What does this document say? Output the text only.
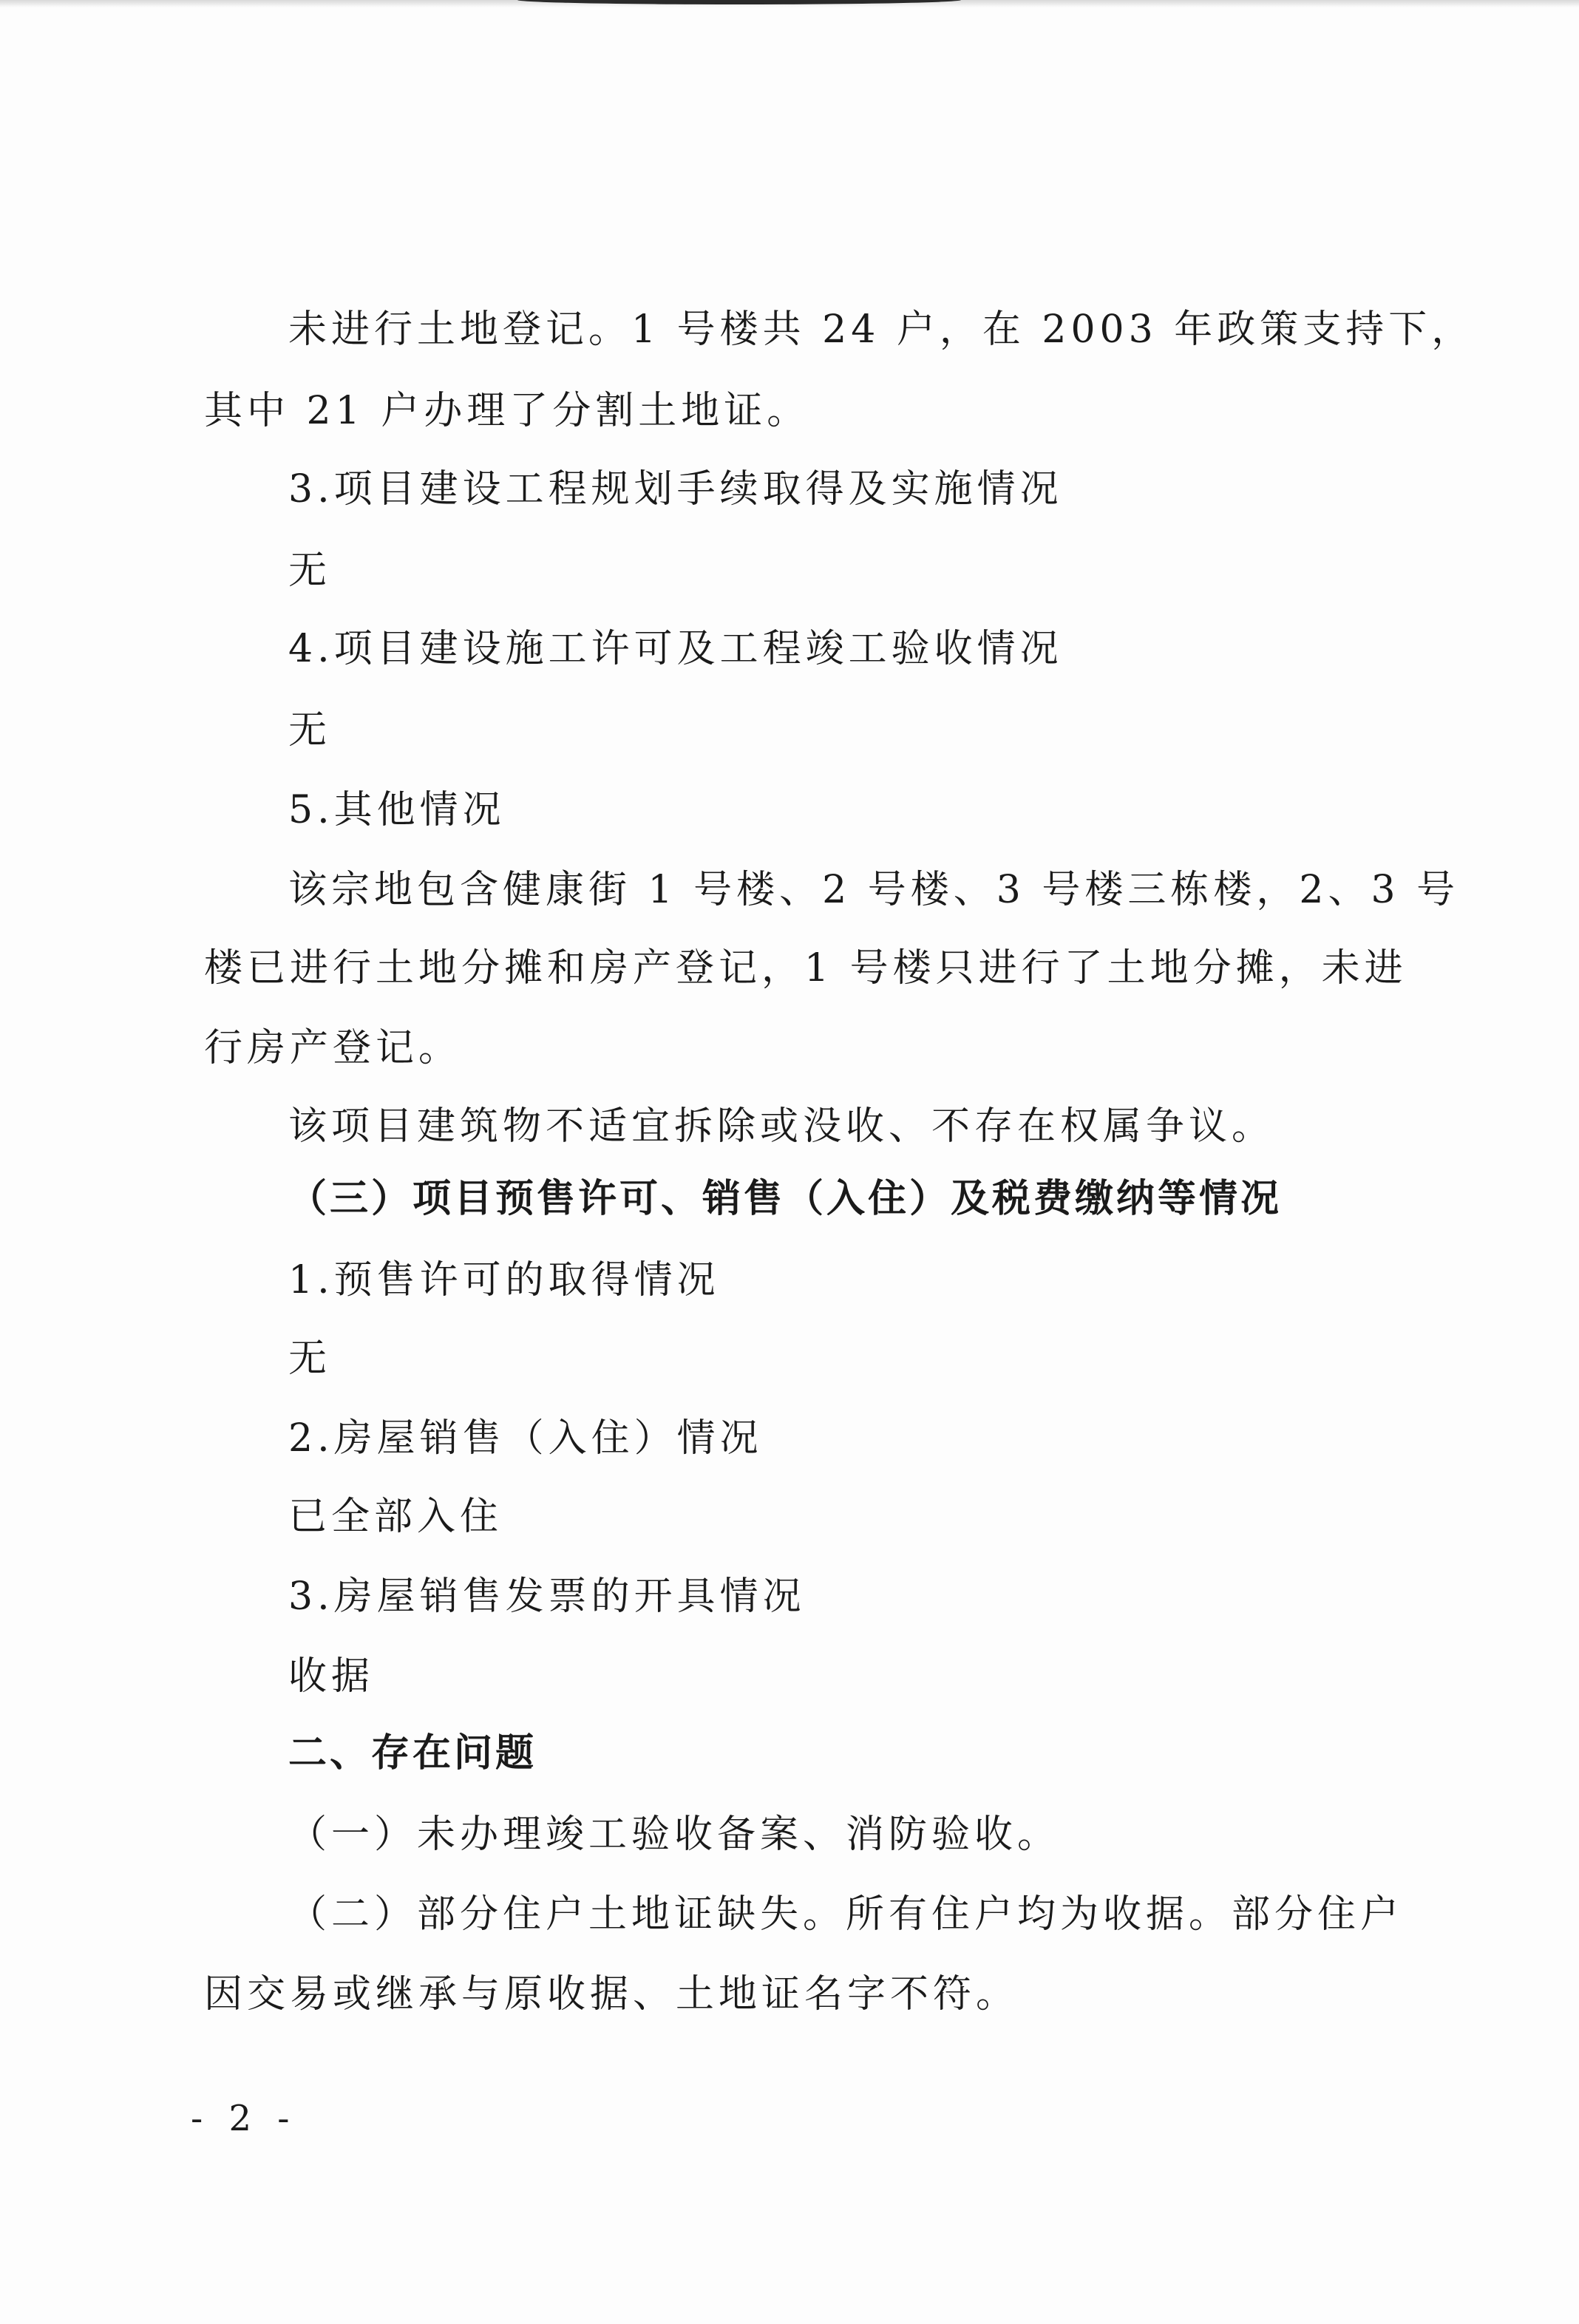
未进行土地登记。1 号楼共 24 户，在 2003 年政策支持下，
其中 21 户办理了分割土地证。
3.项目建设工程规划手续取得及实施情况
无
4.项目建设施工许可及工程竣工验收情况
无
5.其他情况
该宗地包含健康街 1 号楼、2 号楼、3 号楼三栋楼，2、3 号
楼已进行土地分摊和房产登记，1 号楼只进行了土地分摊，未进
行房产登记。
该项目建筑物不适宜拆除或没收、不存在权属争议。
（三）项目预售许可、销售（入住）及税费缴纳等情况
1.预售许可的取得情况
无
2.房屋销售（入住）情况
已全部入住
3.房屋销售发票的开具情况
收据
二、存在问题
（一）未办理竣工验收备案、消防验收。
（二）部分住户土地证缺失。所有住户均为收据。部分住户
因交易或继承与原收据、土地证名字不符。
- 2 -
